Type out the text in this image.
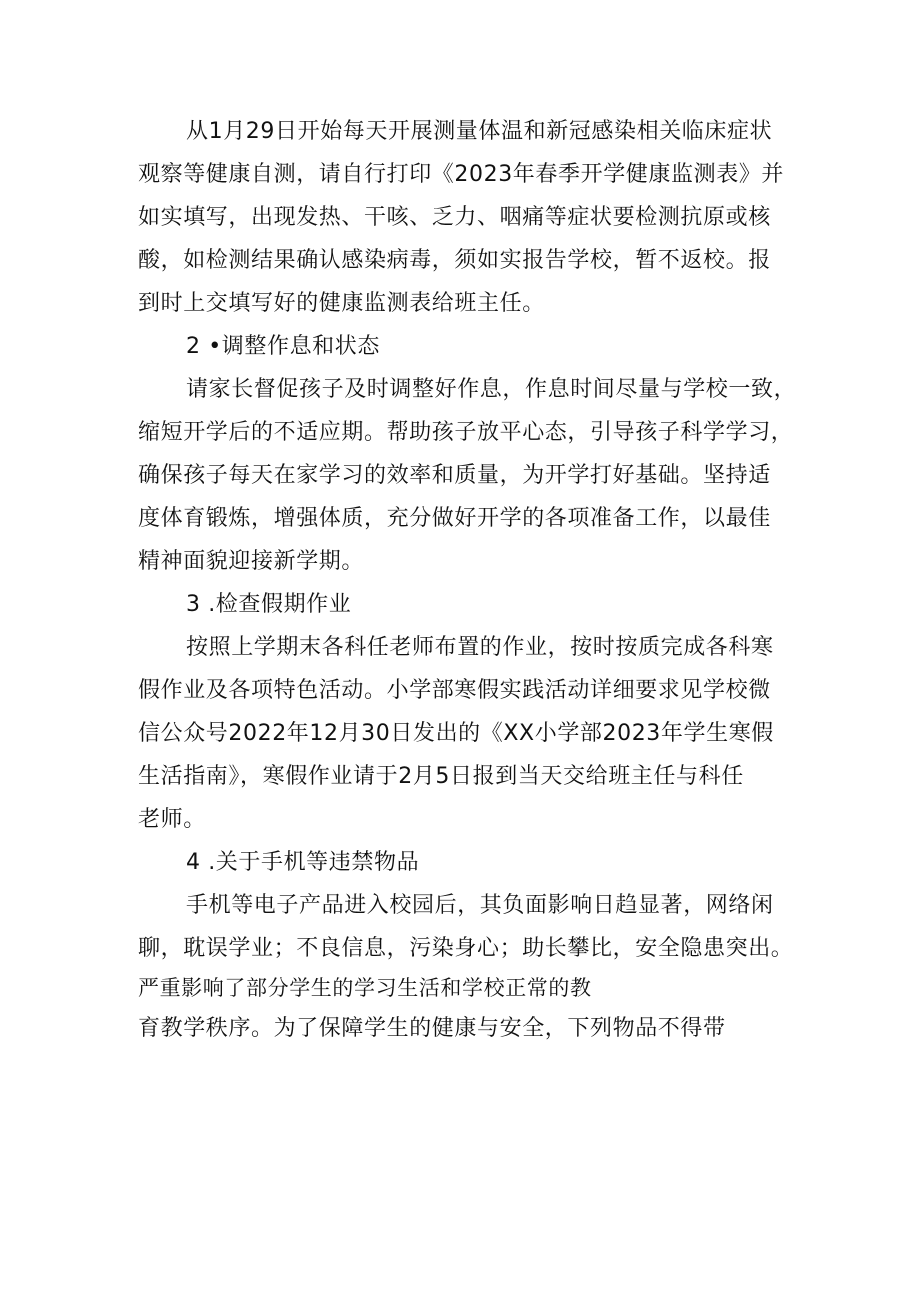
从1月29日开始每天开展测量体温和新冠感染相关临床症状
观察等健康自测，请自行打印《2023年春季开学健康监测表》并
如实填写，出现发热、干咳、乏力、咽痛等症状要检测抗原或核
酸，如检测结果确认感染病毒，须如实报告学校，暂不返校。报
到时上交填写好的健康监测表给班主任。
2 •调整作息和状态
请家长督促孩子及时调整好作息，作息时间尽量与学校一致，
缩短开学后的不适应期。帮助孩子放平心态，引导孩子科学学习，
确保孩子每天在家学习的效率和质量，为开学打好基础。坚持适
度体育锻炼，增强体质，充分做好开学的各项准备工作，以最佳
精神面貌迎接新学期。
3 .检查假期作业
按照上学期末各科任老师布置的作业，按时按质完成各科寒
假作业及各项特色活动。小学部寒假实践活动详细要求见学校微
信公众号2022年12月30日发出的《XX小学部2023年学生寒假
生活指南》，寒假作业请于2月5日报到当天交给班主任与科任
老师。
4 .关于手机等违禁物品
手机等电子产品进入校园后，其负面影响日趋显著，网络闲
聊，耽误学业；不良信息，污染身心；助长攀比，安全隐患突出。
严重影响了部分学生的学习生活和学校正常的教
育教学秩序。为了保障学生的健康与安全，下列物品不得带
